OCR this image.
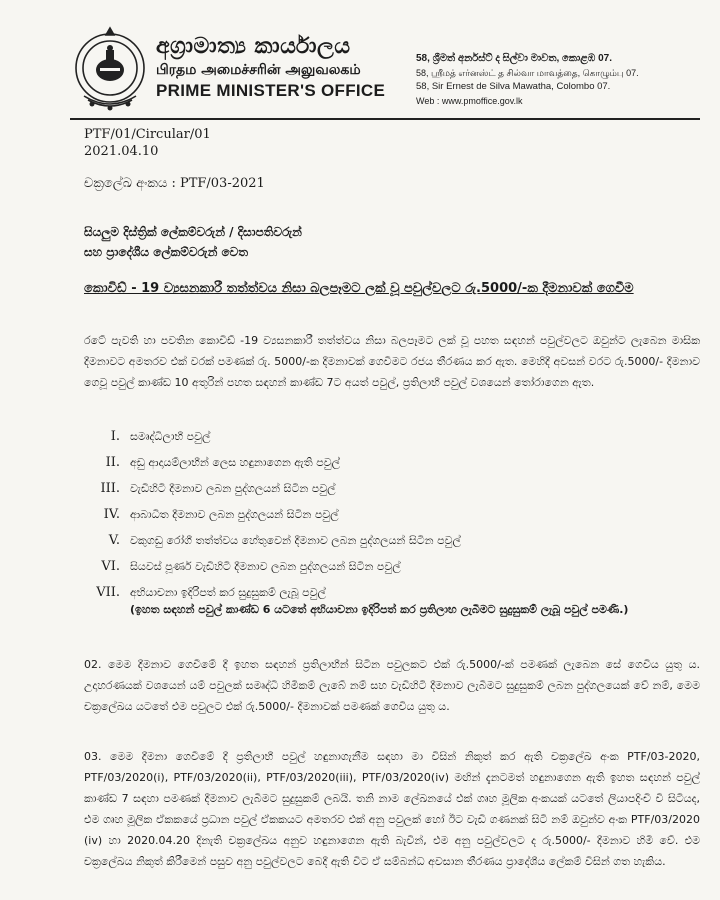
අග්‍රාමාත්‍ය කාර්යාලය
பிரதம அமைச்சரின் அலுவலகம்
PRIME MINISTER'S OFFICE
58, ශ්‍රීමත් අර්නස්ට් ද සිල්වා මාවත, කොළඹ 07.
58, ஸ்ரீமத் எர்னஸ்ட் த சில்வா மாவத்தை, கொழும்பு 07.
58, Sir Ernest de Silva Mawatha, Colombo 07.
Web : www.pmoffice.gov.lk
PTF/01/Circular/01
2021.04.10
චක්‍රලේඛ අංකය : PTF/03-2021
සියලුම දිස්ත්‍රික් ලේකම්වරුන් / දිසාපතිවරුන්
සහ ප්‍රාදේශීය ලේකම්වරුන් වෙත
කොවිඩ් - 19 ව්‍යසනකාරී තත්ත්වය නිසා බලපෑමට ලක් වූ පවුල්වලට රු.5000/-ක දීමනාවක් ගෙවීම
රටේ පැවති හා පවතින කොවිඩ් -19 ව්‍යසනකාරී තත්ත්වය නිසා බලපෑමට ලක් වූ පහත සඳහන් පවුල්වලට ඔවුන්ට ලැබෙන මාසික දීමනාවට අමතරව එක් වරක් පමණක් රු. 5000/-ක දීමනාවක් ගෙවීමට රජය තීරණය කර ඇත. මෙහිදී අවසන් වරට රු.5000/- දීමනාව ගෙවූ පවුල් කාණ්ඩ 10 අතුරින් පහත සඳහන් කාණ්ඩ 7ට අයත් පවුල්, ප්‍රතිලාභී පවුල් වශයෙන් තෝරාගෙන ඇත.
I. සමෘද්ධිලාභී පවුල්
II. අඩු ආදායම්ලාභීන් ලෙස හඳුනාගෙන ඇති පවුල්
III. වැඩිහිටි දීමනාව ලබන පුද්ගලයන් සිටින පවුල්
IV. ආබාධිත දීමනාව ලබන පුද්ගලයන් සිටින පවුල්
V. වකුගඩු රෝගී තත්ත්වය හේතුවෙන් දීමනාව ලබන පුද්ගලයන් සිටින පවුල්
VI. සියවස් පූර්ණ වැඩිහිටි දීමනාව ලබන පුද්ගලයන් සිටින පවුල්
VII. අභියාචනා ඉදිරිපත් කර සුදුසුකම් ලැබූ පවුල්
(ඉහත සඳහන් පවුල් කාණ්ඩ 6 යටතේ අභියාචනා ඉදිරිපත් කර ප්‍රතිලාභ ලැබීමට සුදුසුකම් ලැබූ පවුල් පමණි.)
02. මෙම දීමනාව ගෙවීමේ දී ඉහත සඳහන් ප්‍රතිලාභීන් සිටින පවුලකට එක් රු.5000/-ක් පමණක් ලැබෙන සේ ගෙවිය යුතු ය. උදාහරණයක් වශයෙන් යම් පවුලක් සමෘද්ධි හිමිකම් ලැබේ නම් සහ වැඩිහිටි දීමනාව ලැබීමට සුදුසුකම් ලබන පුද්ගලයෙක් වේ නම්, මෙම චක්‍රලේඛය යටතේ එම පවුලට එක් රු.5000/- දීමනාවක් පමණක් ගෙවිය යුතු ය.
03. මෙම දීමනා ගෙවීමේ දී ප්‍රතිලාභී පවුල් හඳුනාගැනීම සඳහා මා විසින් නිකුත් කර ඇති චක්‍රලේඛ අංක PTF/03-2020, PTF/03/2020(i), PTF/03/2020(ii), PTF/03/2020(iii), PTF/03/2020(iv) මඟින් දැනටමත් හඳුනාගෙන ඇති ඉහත සඳහන් පවුල් කාණ්ඩ 7 සඳහා පමණක් දීමනාව ලැබීමට සුදුසුකම් ලබයි. තනි නාම ලේඛනයේ එක් ගෘහ මූලික අංකයක් යටතේ ලියාපදිංචි වී සිටියද, එම ගෘහ මූලික ඒකකයේ ප්‍රධාන පවුල් ඒකකයට අමතරව එක් අනු පවුලක් හෝ ඊට වැඩි ගණනක් සිටී නම් ඔවුන්ව අංක PTF/03/2020 (iv) හා 2020.04.20 දිනැති චක්‍රලේඛය අනුව හඳුනාගෙන ඇති බැවින්, එම අනු පවුල්වලට ද රු.5000/- දීමනාව හිමි වේ. එම චක්‍රලේඛය නිකුත් කිරීමෙන් පසුව අනු පවුල්වලට බෙදී ඇති විට ඒ සම්බන්ධ අවසාන තීරණය ප්‍රාදේශීය ලේකම් විසින් ගත හැකිය.
